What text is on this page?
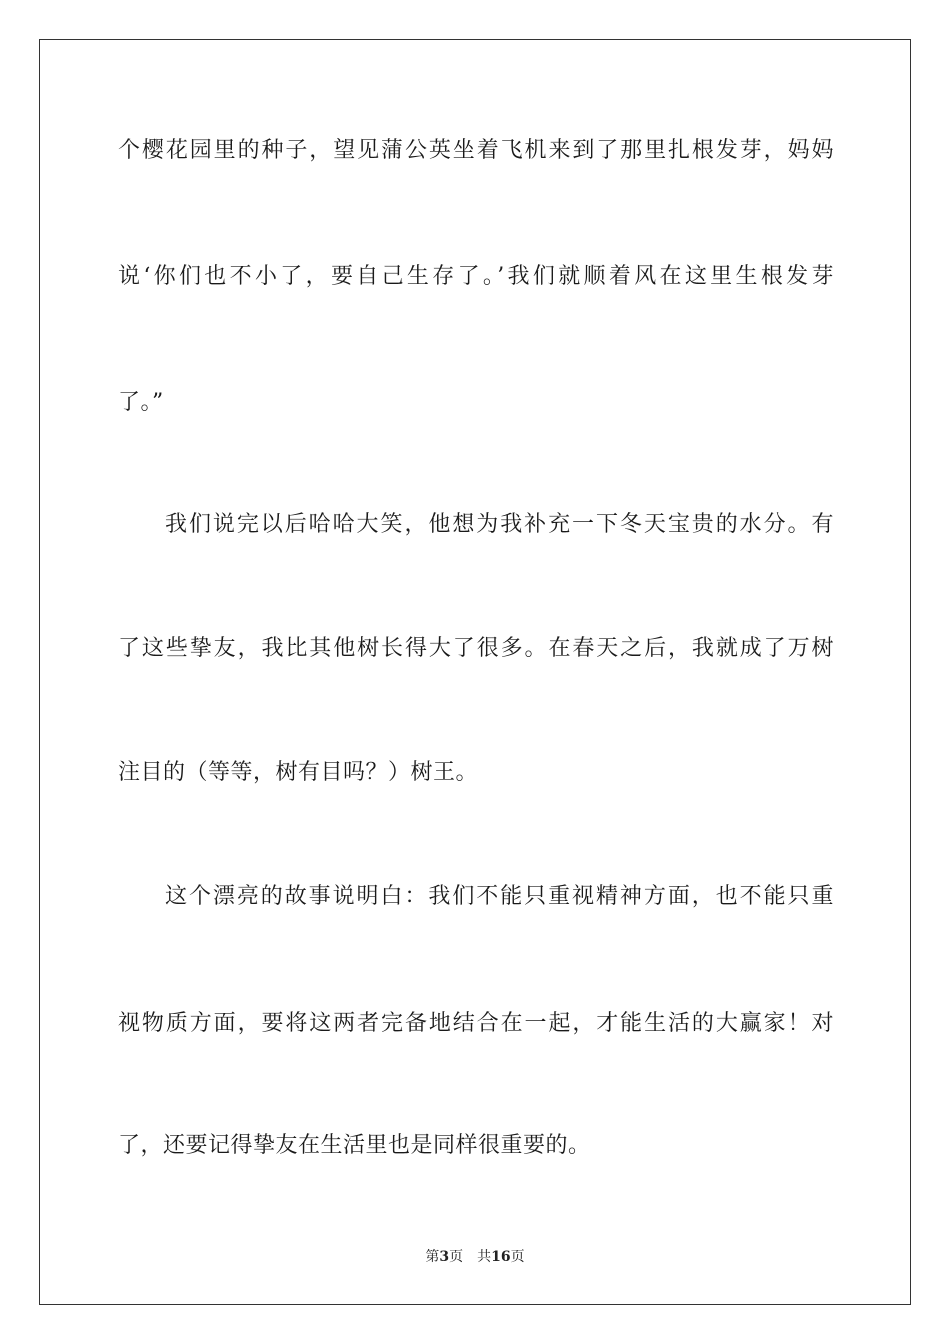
个樱花园里的种子，望见蒲公英坐着飞机来到了那里扎根发芽，妈妈
说‘你们也不小了，要自己生存了。’我们就顺着风在这里生根发芽
了。”
我们说完以后哈哈大笑，他想为我补充一下冬天宝贵的水分。有
了这些挚友，我比其他树长得大了很多。在春天之后，我就成了万树
注目的（等等，树有目吗？）树王。
这个漂亮的故事说明白：我们不能只重视精神方面，也不能只重
视物质方面，要将这两者完备地结合在一起，才能生活的大赢家！对
了，还要记得挚友在生活里也是同样很重要的。
第3页 共16页
